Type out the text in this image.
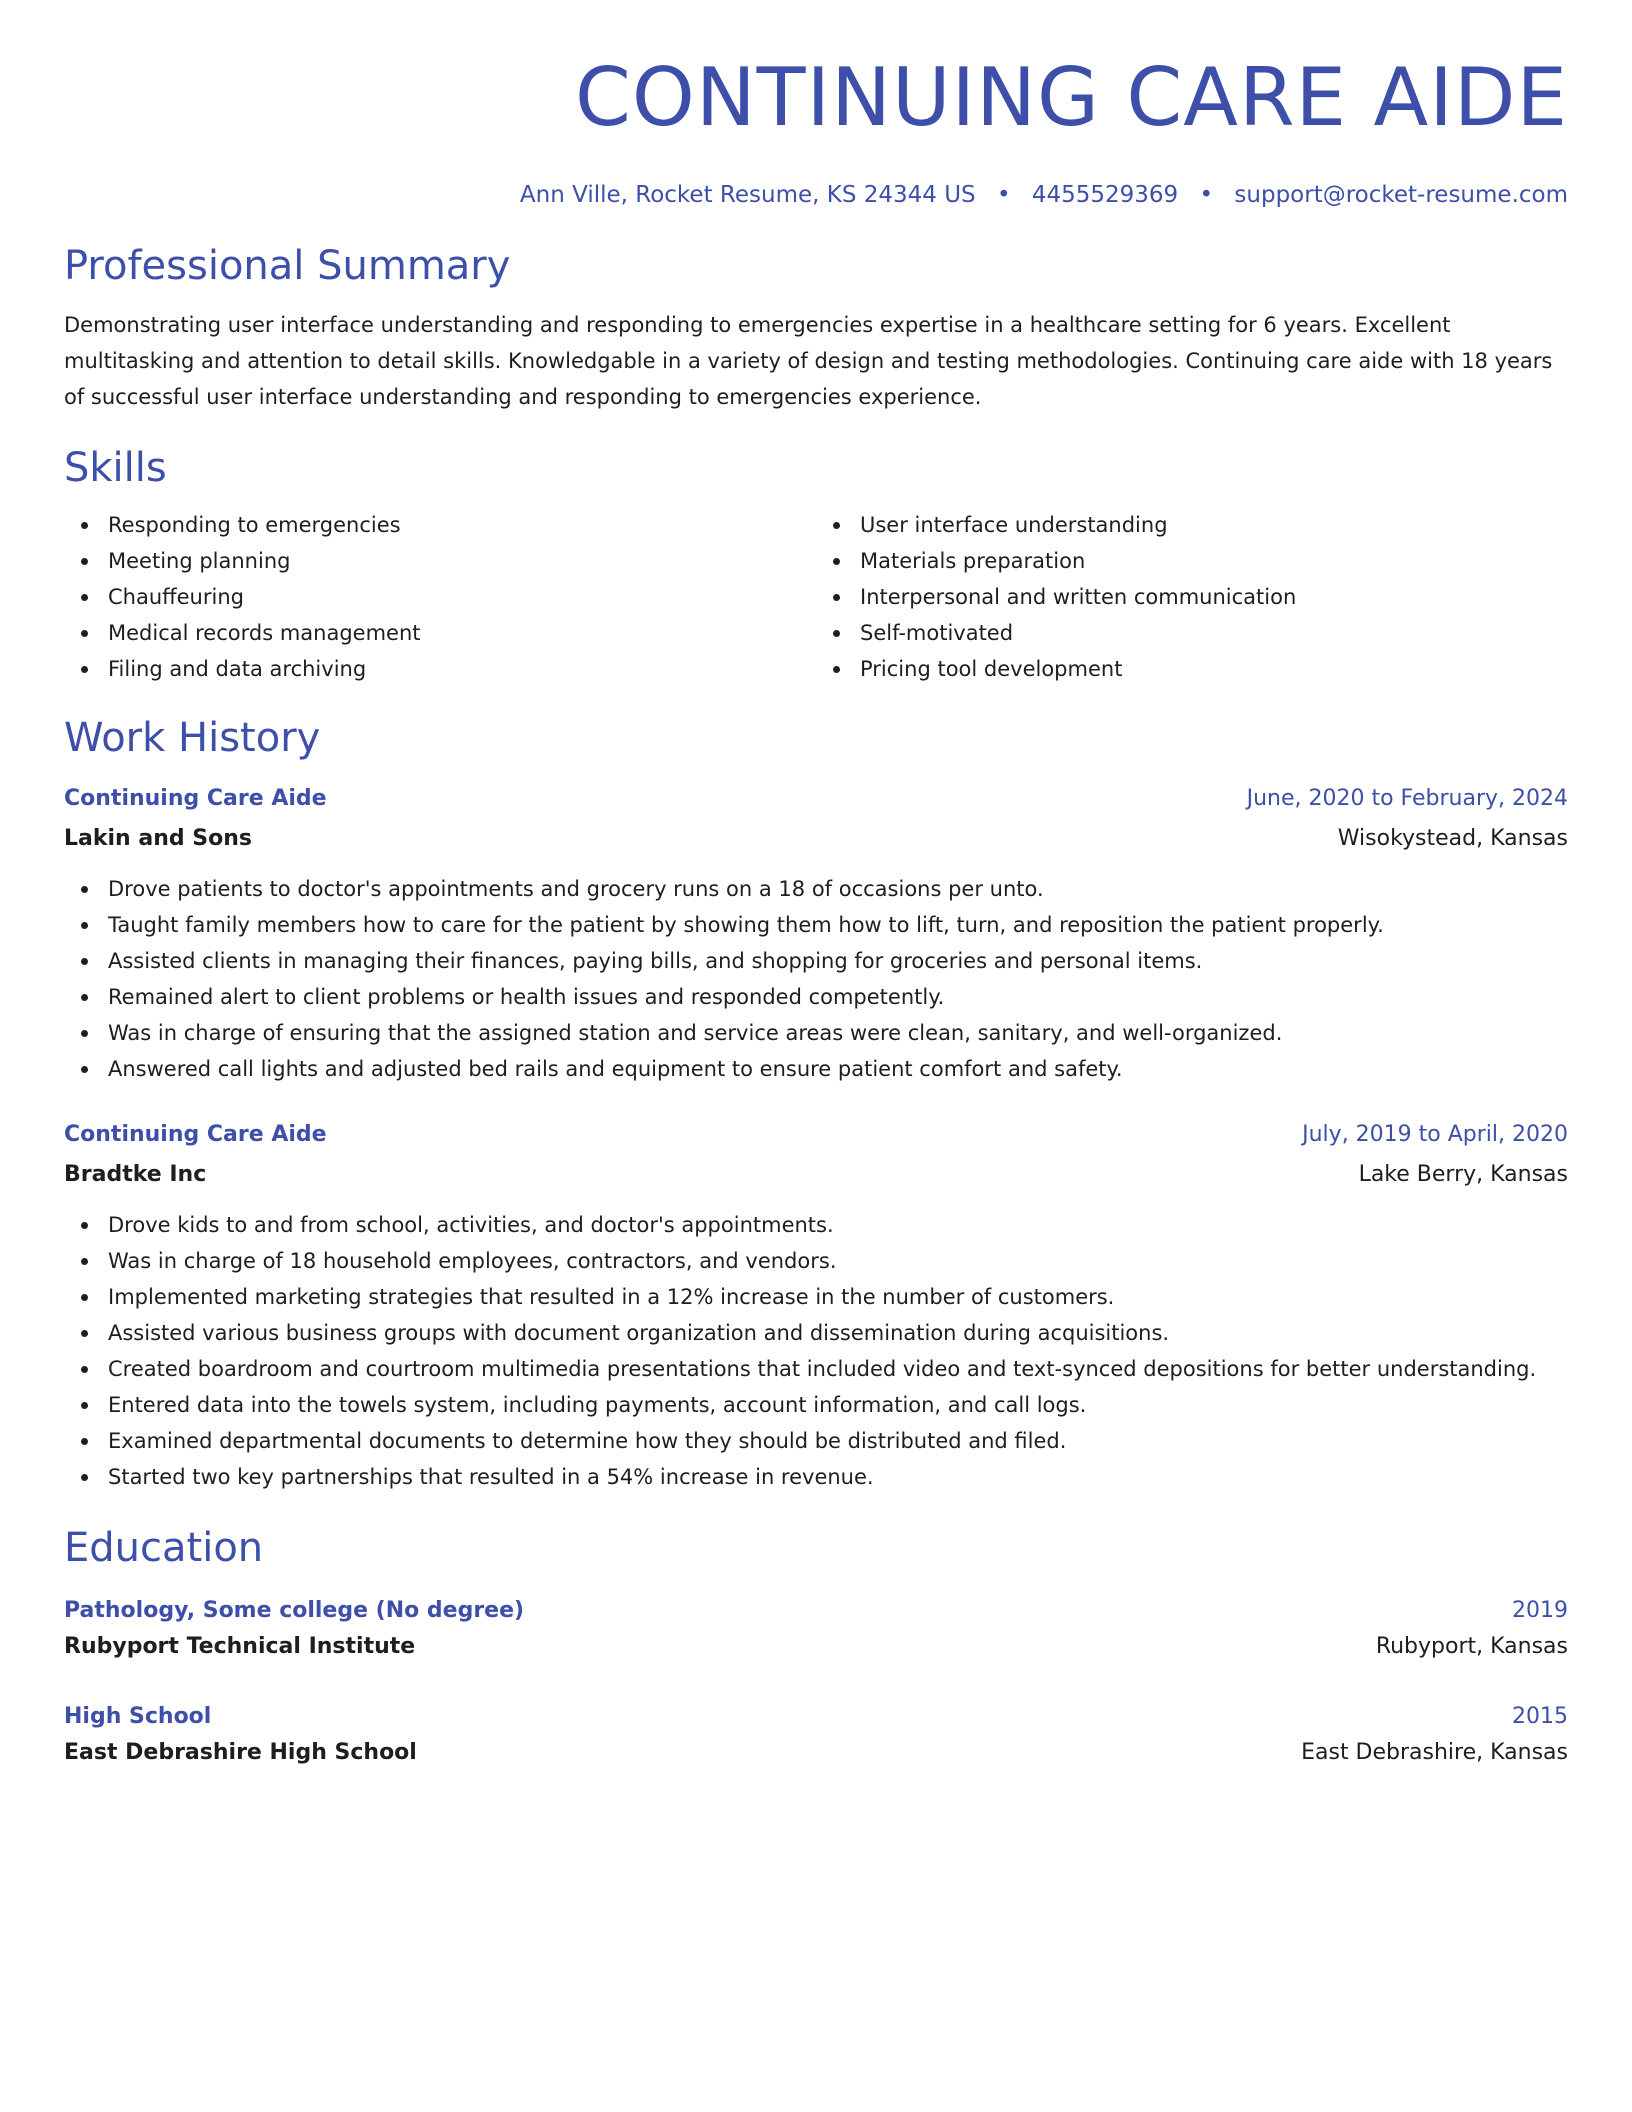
CONTINUING CARE AIDE
Ann Ville, Rocket Resume, KS 24344 US • 4455529369 • support@rocket-resume.com
Professional Summary
Demonstrating user interface understanding and responding to emergencies expertise in a healthcare setting for 6 years. Excellent multitasking and attention to detail skills. Knowledgable in a variety of design and testing methodologies. Continuing care aide with 18 years of successful user interface understanding and responding to emergencies experience.
Skills
Responding to emergencies
Meeting planning
Chauffeuring
Medical records management
Filing and data archiving
User interface understanding
Materials preparation
Interpersonal and written communication
Self-motivated
Pricing tool development
Work History
Continuing Care Aide	June, 2020 to February, 2024
Lakin and Sons	Wisokystead, Kansas
Drove patients to doctor's appointments and grocery runs on a 18 of occasions per unto.
Taught family members how to care for the patient by showing them how to lift, turn, and reposition the patient properly.
Assisted clients in managing their finances, paying bills, and shopping for groceries and personal items.
Remained alert to client problems or health issues and responded competently.
Was in charge of ensuring that the assigned station and service areas were clean, sanitary, and well-organized.
Answered call lights and adjusted bed rails and equipment to ensure patient comfort and safety.
Continuing Care Aide	July, 2019 to April, 2020
Bradtke Inc	Lake Berry, Kansas
Drove kids to and from school, activities, and doctor's appointments.
Was in charge of 18 household employees, contractors, and vendors.
Implemented marketing strategies that resulted in a 12% increase in the number of customers.
Assisted various business groups with document organization and dissemination during acquisitions.
Created boardroom and courtroom multimedia presentations that included video and text-synced depositions for better understanding.
Entered data into the towels system, including payments, account information, and call logs.
Examined departmental documents to determine how they should be distributed and filed.
Started two key partnerships that resulted in a 54% increase in revenue.
Education
Pathology, Some college (No degree)	2019
Rubyport Technical Institute	Rubyport, Kansas
High School	2015
East Debrashire High School	East Debrashire, Kansas
